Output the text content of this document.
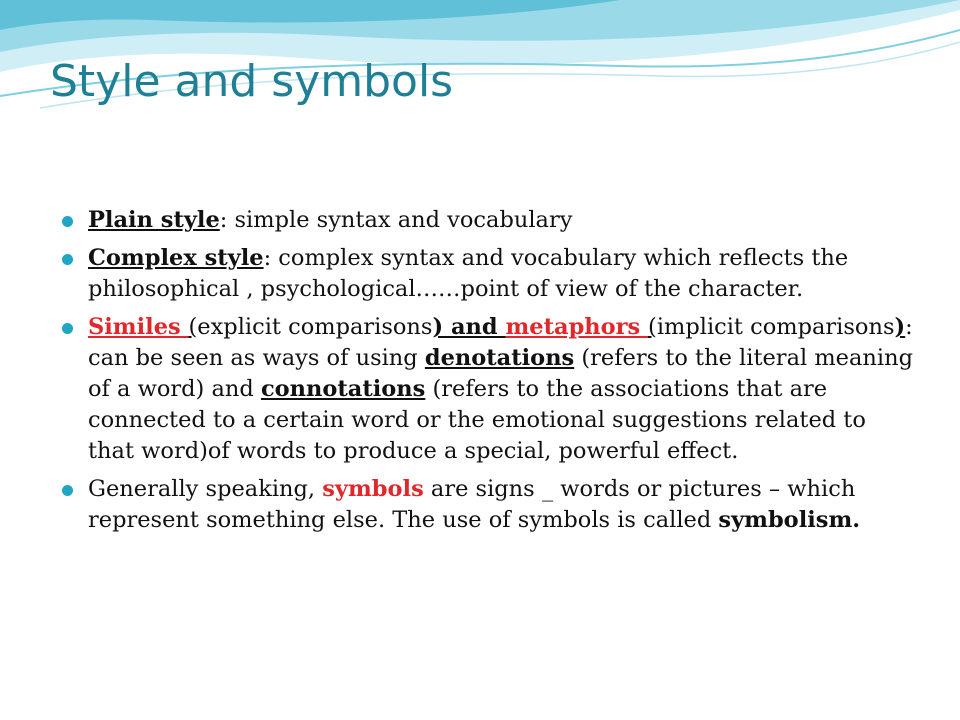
Style and symbols
Plain style: simple syntax and vocabulary
Complex style: complex syntax and vocabulary which reflects the philosophical , psychological……point of view of the character.
Similes (explicit comparisons) and metaphors (implicit comparisons): can be seen as ways of using denotations (refers to the literal meaning of a word) and connotations (refers to the associations that are connected to a certain word or the emotional suggestions related to that word)of words to produce a special, powerful effect.
Generally speaking, symbols are signs _ words or pictures – which represent something else. The use of symbols is called symbolism.
